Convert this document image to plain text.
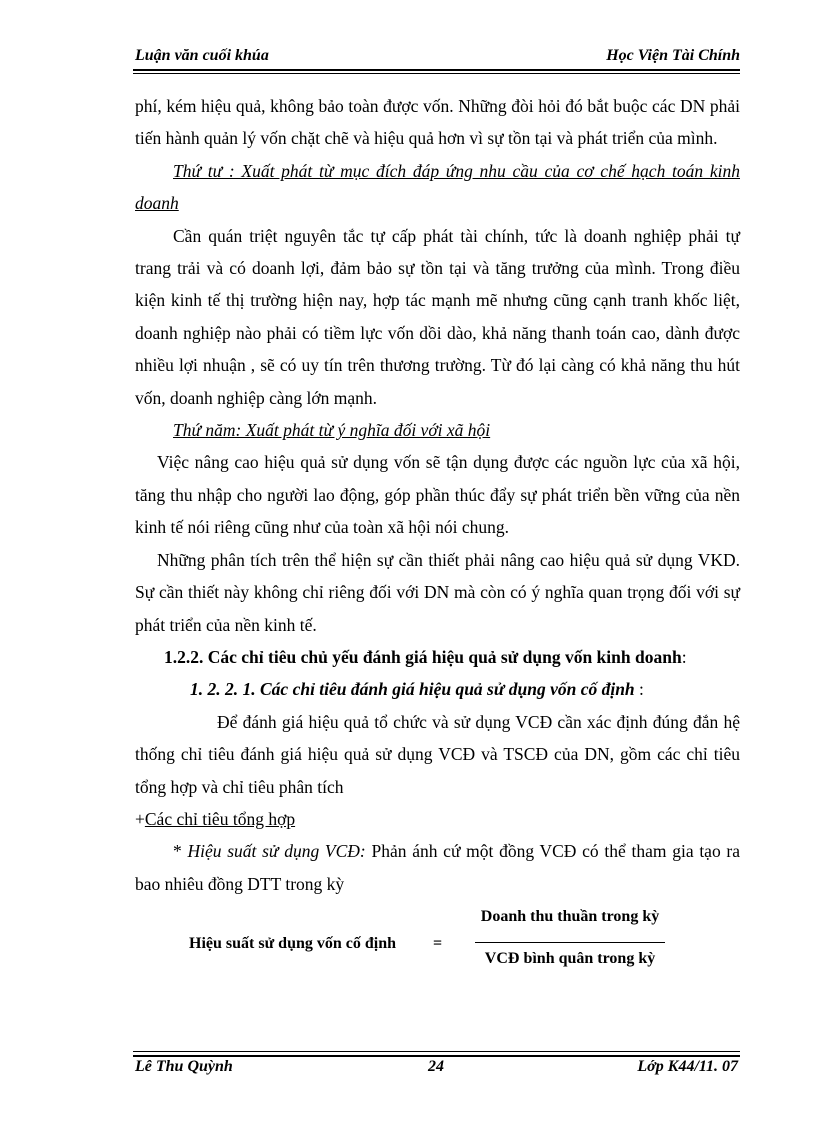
Luận văn cuối khúa	Học Viện Tài Chính

phí, kém hiệu quả, không bảo toàn được vốn. Những đòi hỏi đó bắt buộc các DN phải tiến hành quản lý vốn chặt chẽ và hiệu quả hơn vì sự tồn tại và phát triển của mình.

Thứ tư : Xuất phát từ mục đích đáp ứng nhu cầu của cơ chế hạch toán kinh doanh

Cần quán triệt nguyên tắc tự cấp phát tài chính, tức là doanh nghiệp phải tự trang trải và có doanh lợi, đảm bảo sự tồn tại và tăng trưởng của mình. Trong điều kiện kinh tế thị trường hiện nay, hợp tác mạnh mẽ nhưng cũng cạnh tranh khốc liệt, doanh nghiệp nào phải có tiềm lực vốn dồi dào, khả năng thanh toán cao, dành được nhiều lợi nhuận , sẽ có uy tín trên thương trường. Từ đó lại càng có khả năng thu hút vốn, doanh nghiệp càng lớn mạnh.

Thứ năm: Xuất phát từ ý nghĩa đối với xã hội

Việc nâng cao hiệu quả sử dụng vốn sẽ tận dụng được các nguồn lực của xã hội, tăng thu nhập cho người lao động, góp phần thúc đẩy sự phát triển bền vững của nền kinh tế nói riêng cũng như của toàn xã hội nói chung.

Những phân tích trên thể hiện sự cần thiết phải nâng cao hiệu quả sử dụng VKD. Sự cần thiết này không chỉ riêng đối với DN mà còn có ý nghĩa quan trọng đối với sự phát triển của nền kinh tế.

1.2.2. Các chỉ tiêu chủ yếu đánh giá hiệu quả sử dụng vốn kinh doanh:

1. 2. 2. 1. Các chỉ tiêu đánh giá hiệu quả sử dụng vốn cố định :

Để đánh giá hiệu quả tổ chức và sử dụng VCĐ cần xác định đúng đắn hệ thống chỉ tiêu đánh giá hiệu quả sử dụng VCĐ và TSCĐ của DN, gồm các chỉ tiêu tổng hợp và chỉ tiêu phân tích

+Các chỉ tiêu tổng hợp

* Hiệu suất sử dụng VCĐ: Phản ánh cứ một đồng VCĐ có thể tham gia tạo ra bao nhiêu đồng DTT trong kỳ

Hiệu suất sử dụng vốn cố định =
Doanh thu thuần trong kỳ
VCĐ bình quân trong kỳ
Lê Thu Quỳnh	24	Lớp K44/11. 07
